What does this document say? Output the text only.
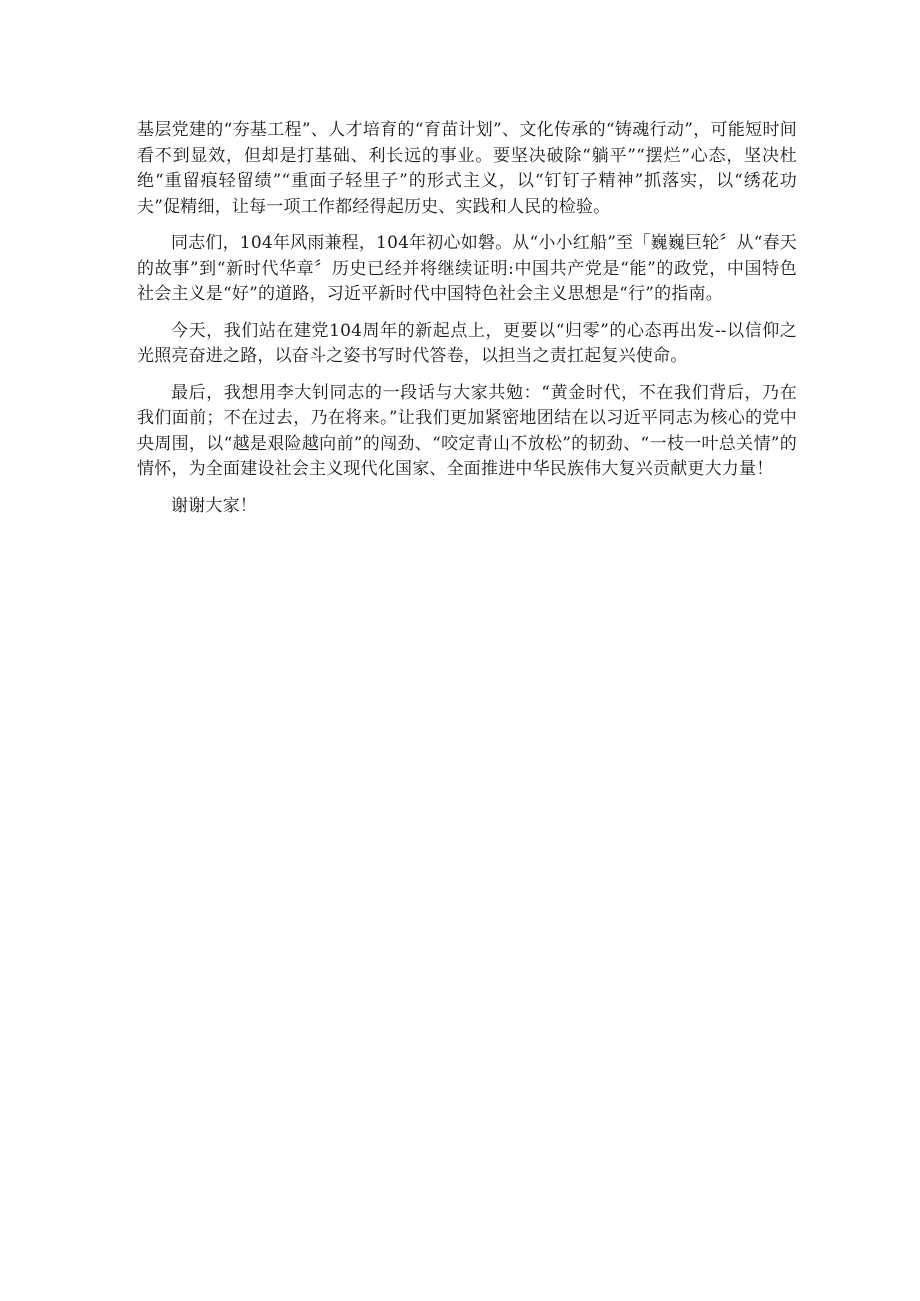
基层党建的“夯基工程”、人才培育的“育苗计划”、文化传承的“铸魂行动”，可能短时间看不到显效，但却是打基础、利长远的事业。要坚决破除“躺平”“摆烂”心态，坚决杜绝“重留痕轻留绩”“重面子轻里子”的形式主义，以“钉钉子精神”抓落实，以“绣花功夫”促精细，让每一项工作都经得起历史、实践和人民的检验。

同志们，104年风雨兼程，104年初心如磐。从“小小红船”至「巍巍巨轮〞从“春天的故事”到“新时代华章〞历史已经并将继续证明:中国共产党是“能”的政党，中国特色社会主义是“好”的道路，习近平新时代中国特色社会主义思想是“行”的指南。

今天，我们站在建党104周年的新起点上，更要以“归零”的心态再出发--以信仰之光照亮奋进之路，以奋斗之姿书写时代答卷，以担当之责扛起复兴使命。

最后，我想用李大钊同志的一段话与大家共勉：“黄金时代，不在我们背后，乃在我们面前；不在过去，乃在将来。”让我们更加紧密地团结在以习近平同志为核心的党中央周围，以“越是艰险越向前”的闯劲、“咬定青山不放松”的韧劲、“一枝一叶总关情”的情怀，为全面建设社会主义现代化国家、全面推进中华民族伟大复兴贡献更大力量！

谢谢大家！
